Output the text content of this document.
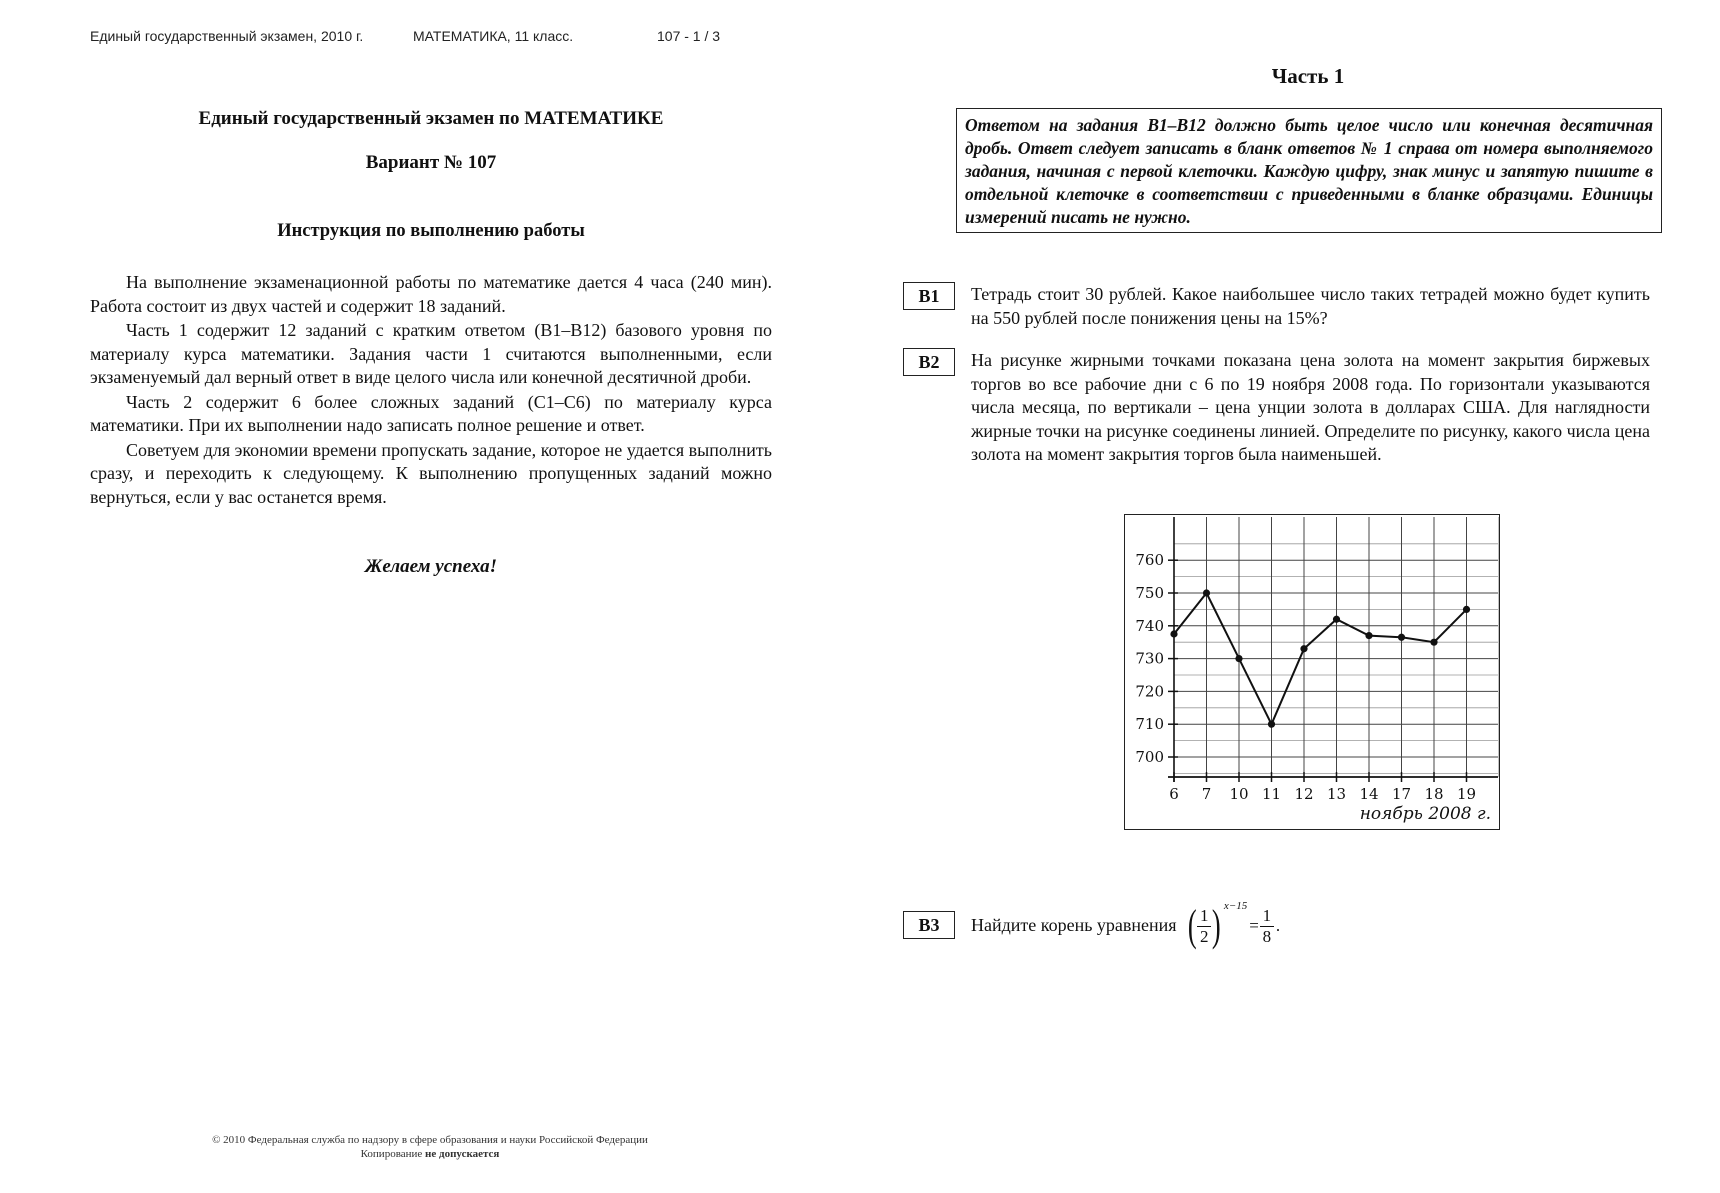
Единый государственный экзамен, 2010 г.	МАТЕМАТИКА, 11 класс.	107 - 1 / 3
Единый государственный экзамен по МАТЕМАТИКЕ
Вариант № 107
Инструкция по выполнению работы

На выполнение экзаменационной работы по математике дается 4 часа (240 мин). Работа состоит из двух частей и содержит 18 заданий.

Часть 1 содержит 12 заданий с кратким ответом (B1–B12) базового уровня по материалу курса математики. Задания части 1 считаются выполненными, если экзаменуемый дал верный ответ в виде целого числа или конечной десятичной дроби.

Часть 2 содержит 6 более сложных заданий (C1–C6) по материалу курса математики. При их выполнении надо записать полное решение и ответ.

Советуем для экономии времени пропускать задание, которое не удается выполнить сразу, и переходить к следующему. К выполнению пропущенных заданий можно вернуться, если у вас останется время.

Желаем успеха!
Часть 1
Ответом на задания B1–B12 должно быть целое число или конечная десятичная дробь. Ответ следует записать в бланк ответов № 1 справа от номера выполняемого задания, начиная с первой клеточки. Каждую цифру, знак минус и запятую пишите в отдельной клеточке в соответствии с приведенными в бланке образцами. Единицы измерений писать не нужно.
B1	Тетрадь стоит 30 рублей. Какое наибольшее число таких тетрадей можно будет купить на 550 рублей после понижения цены на 15%?
B2	На рисунке жирными точками показана цена золота на момент закрытия биржевых торгов во все рабочие дни с 6 по 19 ноября 2008 года. По горизонтали указываются числа месяца, по вертикали – цена унции золота в долларах США. Для наглядности жирные точки на рисунке соединены линией. Определите по рисунку, какого числа цена золота на момент закрытия торгов была наименьшей.
6 7 10 11 12 13 14 17 18 19
700
710
720
730
740
750
760
ноябрь 2008 г.
B3	Найдите корень уравнения ( $\frac{1}{2}$ ) x−15
= $\frac{1}{8}$ .
© 2010 Федеральная служба по надзору в сфере образования и науки Российской Федерации
Копирование не допускается
